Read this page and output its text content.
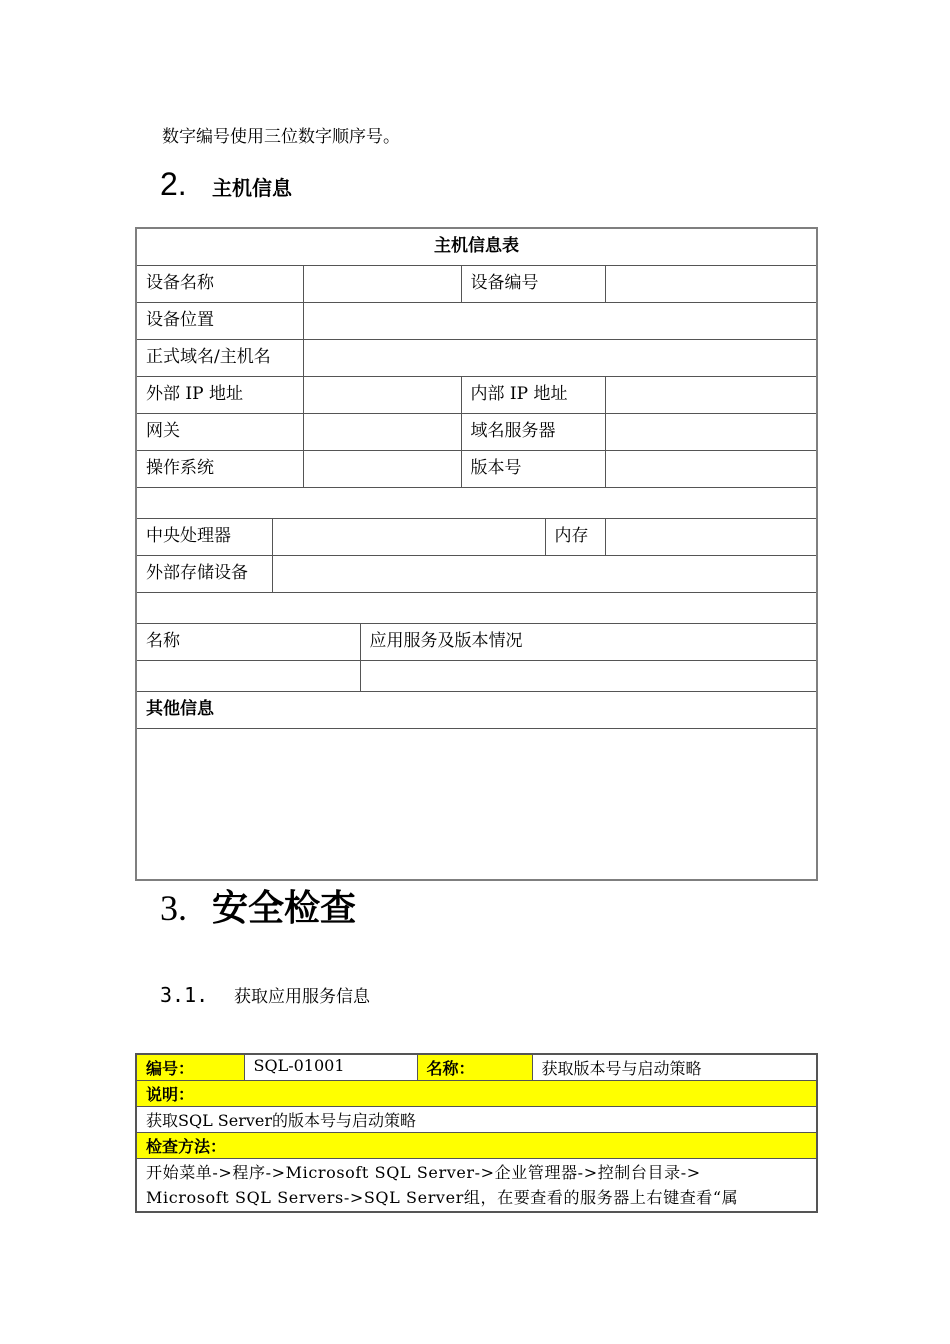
数字编号使用三位数字顺序号。
2.	主机信息
主机信息表						
设备名称				设备编号		
设备位置						
正式域名/主机名						
外部 IP 地址				内部 IP 地址		
网关				域名服务器		
操作系统				版本号		

中央处理器					内存	
外部存储设备						

名称			应用服务及版本情况			

其他信息						

3. 安全检查
3.1.	获取应用服务信息
编号：	SQL-01001	名称：	获取版本号与启动策略
说明：
获取SQL Server的版本号与启动策略
检查方法：

开始菜单->程序->Microsoft SQL Server->企业管理器->控制台目录->
Microsoft SQL Servers->SQL Server组，在要查看的服务器上右键查看“属
